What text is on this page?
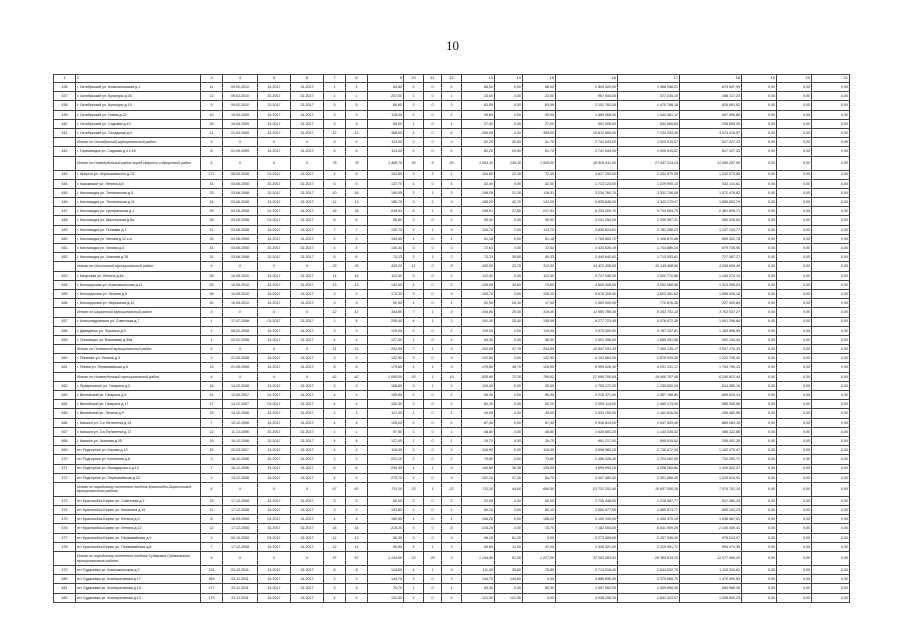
10
1	2	3	4	5	6	7	8	9	10	11	12	13	14	15	16	17	18	19	20	21
436	г. Октябрьский ул. Комсомольская д.1	11	09.02.2010	31.2017	31.2017	1	1	64,80	2	0	2	68,00	0,00	68,00	2 849 422,00	1 558 058,01	673 547,99	0,00	0,00	0,00
437	г. Октябрьский ул. Культуры д.2Б	12	09.02.2010	31.2017	31.2017	1	1	207,00	1	0	1	23,00	0,00	23,00	967 544,00	577 245,10	286 117,23	0,00	0,00	0,00
438	г. Октябрьский ул. Культуры д.19	9	09.02.2010	31.2017	31.2017	5	5	84,60	3	0	3	63,09	0,00	63,09	2 102 762,00	1 475 788,18	626 891,83	0,00	0,00	0,00
439	г. Октябрьский ул. Новая д.22	10	19.04.2009	31.2017	31.2017	3	3	115,00	2	0	2	39,60	0,00	39,00	1 669 068,00	1 042 061,12	547 006,88	0,00	0,00	0,00
440	г. Октябрьский ул. Садовая д.10	25	19.04.2009	31.2017	31.2017	3	3	54,00	1	0	1	27,00	0,00	27,00	991 906,00	632 669,65	298 659,35	0,00	0,00	0,00
441	г. Октябрьский ул. Складская д.4	14	21.04.2009	31.2017	31.2017	12	12	368,00	4	0	6	399,00	0,00	399,00	10 812 560,00	7 234 253,35	3 074 315,97	0,00	0,00	0,00
	Итого по Октябрьский муниципальный район	X	X	X	X	9	6	113,00	2	0	2	82,20	20,50	61,70	2 741 543,00	1 925 515,67	817 027,33	0,00	0,00	0,00
442	г. Горячеводск ул. Садовая д.4 к.16	8	01.09.2009	31.2017	31.2017	6	6	113,00	2	0	2	82,20	20,50	61,70	2 741 543,00	1 925 515,67	817 027,33	0,00	0,00	0,00
	Итого по Нижнеудинский район город Иркутск и Иркутский район	X	X	X	X	78	78	1 458,79	26	6	20	1 654,10	149,30	1 505,00	28 526 611,00	27 047 314,24	11 080 297,60	0,00	0,00	0,00
443	г. Иркутск ул. Чернышевского д.23	171	06.05.2008	01.2017	31.2017	4	6	104,80	3	3	1	104,80	22,40	72,40	3 617 253,00	2 434 975,55	1 042 073,85	0,00	0,00	0,00
444	г. Карымское ул. Ленина д.5	31	03.06.2008	31.2017	31.2017	5	5	137,70	4	0	4	52,00	0,00	52,00	1 713 123,00	1 229 900,13	532 114,61	0,00	0,00	0,00
445	г. Кисловодск ул. Техническая д.5	23	03.06.2008	31.2017	31.2017	10	16	150,05	3	1	3	106,05	21,30	116,51	3 234 760,70	3 332 706,08	1 572 476,82	0,00	0,00	0,00
446	г. Кисловодск ул. Техническая д.11	24	03.06.2008	31.2017	31.2017	12	13	185,70	3	2	3	183,20	42,70	142,00	6 828 846,00	4 340 279,47	1 865 692,79	0,00	0,00	0,00
447	г. Кисловодск ул. Центральная д.1	29	03.05.2008	01.2017	31.2017	16	16	245,51	6	1	5	245,51	27,80	217,51	8 233 400,70	5 734 604,73	2 481 839,71	0,00	0,00	0,00
448	г. Кисловодск ул. Шахтерская д.6а	35	03.05.2008	01.2017	31.2017	6	6	95,60	2	0	2	95,92	0,00	95,92	3 241 254,00	2 290 997,31	950 326,63	0,00	0,00	0,00
449	г. Кисловодск ул. Полевая д.1	21	03.06.2008	31.2017	31.2017	7	7	130,75	4	1	3	115,70	2,00	113,70	3 830 624,61	2 782 288,23	1 147 743,77	0,00	0,00	0,00
450	г. Кисловодск ул. Чехова д.12 к.а	25	03.06.2008	31.2017	31.2017	2	2	154,45	1	0	1	51,18	0,00	51,18	1 708 853,72	1 198 670,66	509 302,76	0,00	0,00	0,00
451	г. Кисловодск ул. Чехова д.4	31	03.06.2008	31.2017	31.2017	4	4	145,34	3	0	3	72,63	0,00	72,63	2 424 626,19	1 744 889,24	679 736,95	0,00	0,00	0,00
452	г. Кисловодск ул. Чкалова д.35	31	03.06.2008	31.2017	31.2017	6	6	73,13	3	1	2	73,13	35,80	49,33	2 440 640,62	1 713 053,61	727 587,27	0,00	0,00	0,00
	Итого по Ольхонский муниципальный район	X	X	X	X	33	30	430,20	11	0	8	432,00	23,70	312,50	14 472 308,00	10 149 498,60	4 296 609,40	0,00	0,00	0,00
453	г. Качугская ул. Ленина д.4а	35	10.05.2010	31.2017	31.2017	14	14	112,00	3	0	2	112,00	0,00	112,00	3 727 048,00	2 622 772,86	1 154 274,14	0,00	0,00	0,00
454	г. Белоцерковь ул. Комсомольская д.11	53	10.05.2010	31.2017	31.2017	13	13	142,00	4	0	2	125,00	34,60	73,60	4 605 308,00	3 292 068,56	1 313 299,04	0,00	0,00	0,00
455	г. Белоцерковь ул. Ленина д.6	58	10.05.2010	31.2017	31.2017	3	3	170,30	3	0	3	153,70	0,00	126,20	5 676 205,00	3 623 481,82	1 565 026,18	0,00	0,00	0,00
456	г. Белоцерковь ул. Мирошная д.12	32	10.05.2010	31.2017	31.2017	3	3	52,90	1	0	1	52,90	26,10	17,00	1 000 000,00	770 676,36	227 329,64	0,00	0,00	0,00
	Итого по Ширинский муниципальный район	X	X	X	X	12	12	344,80	7	1	4	344,80	25,40	319,40	11 990 788,40	8 353 751,13	3 762 037,27	0,00	0,00	0,00
457	г. Александровское ул. Советская д.7	1	17.07.2008	01.2017	31.2017	2	4	205,40	4	1	2	191,30	25,40	155,99	6 277 723,49	4 476 472,36	1 901 298,84	0,00	0,00	0,00
458	г. Давиденко ул. Пушкина д.5	1	08.02.2008	31.2017	31.2017	3	3	129,00	2	0	2	119,00	0,00	119,00	3 975 300,00	2 787 247,81	1 183 558,99	0,00	0,00	0,00
459	г. Оппозицио ул. Вишневая д.30а	1	02.02.2008	31.2017	31.2017	4	4	127,60	1	0	4	64,30	0,00	46,30	1 501 396,00	1 089 251,56	492 144,44	0,00	0,00	0,00
	Итого по Пинежский муниципальный район	X	X	X	X	11	11	202,55	7	1	5	202,55	47,70	254,85	10 947 291,30	7 300 135,17	3 007 176,33	0,00	0,00	0,00
460	г. Пинежье ул. Ленина д.3	2	21.05.2008	31.2017	31.2017	3	3	122,90	3	0	3	122,90	0,00	122,90	4 102 664,00	2 879 925,00	1 222 739,00	0,00	0,00	0,00
461	г. Пинеж ул. Первомайская д.5	13	21.05.2008	31.2017	31.2017	5	5	179,65	4	1	3	179,65	45,70	125,95	5 995 026,30	4 291 231,17	1 704 795,13	0,00	0,00	0,00
	Итого по Нижнеудинский муниципальный район	X	X	X	X	42	42	1 065,00	20	1	19	828,90	72,30	756,62	27 669 700,84	19 406 707,56	8 240 923,44	0,00	0,00	0,00
462	г. Предпочинье ул. Гагарина д.3	18	14.12.2008	31.2017	31.2017	3	3	106,80	3	1	2	115,40	0,00	35,60	1 753 172,00	1 230 000,00	514 389,16	0,00	0,00	0,00
463	г. Вилюйский ул. Гагарина д.9	21	12.09.2007	01.2017	31.2017	4	4	109,80	2	0	2	96,30	0,00	96,30	2 215 371,00	1 357 766,80	665 624,14	0,00	0,00	0,00
464	г. Вилюйский ул. Гагарина д.17	17	14.12.2007	01.2017	31.2017	4	4	100,30	2	0	2	60,20	0,00	60,20	2 009 114,00	1 469 173,00	585 945,96	0,00	0,00	0,00
465	г. Вилюйский ул. Ленина д.9	19	14.12.2006	31.2017	31.2017	1	1	117,00	1	0	1	49,00	0,00	49,00	1 033 700,00	1 161 816,54	495 482,96	0,00	0,00	0,00
466	г. Капшон ул. 2-я Пятилетка д.13	7	10.12.2006	31.2017	31.2017	4	4	125,00	2	0	2	87,40	0,00	87,40	2 916 813,00	2 047 529,40	869 083,16	0,00	0,00	0,00
467	г. Капшон ул. 3-я Пятилетка д.17	12	11.12.2006	31.2017	31.2017	1	1	97,50	1	0	1	48,80	0,00	48,80	1 628 651,20	1 143 328,32	485 322,88	0,00	0,00	0,00
468	г. Капшон ул. Чкалова д.35	19	16.12.2006	31.2017	31.2017	4	4	127,00	1	0	1	29,70	0,00	29,70	991 217,00	695 515,52	295 402,28	0,00	0,00	0,00
469	пгт Подгорное ул. Кирова д.10	15	20.03.2007	31.2017	31.2017	4	4	116,90	2	0	2	116,90	0,00	116,90	3 896 983,20	2 736 672,33	1 162 070,47	0,00	0,00	0,00
470	пгт Подгорное ул. Калинина д.8	3	16.12.2006	31.2017	31.2017	2	2	221,10	2	0	2	70,60	0,00	73,60	2 456 326,40	1 724 062,49	732 263,71	0,00	0,00	0,00
471	пгт Подгорное ул. Володарского д.12	7	16.12.2006	31.2017	31.2017	6	6	294,30	4	1	3	140,80	35,30	105,50	4 699 993,20	3 298 260,80	1 400 822,37	0,00	0,00	0,00
472	пгт Подгорное ул. Первомайская д.22	2	14.12.2006	31.2017	31.2017	4	4	273,70	4	0	3	102,10	37,40	64,70	3 407 483,40	2 391 868,49	1 015 614,91	0,00	0,00	0,00
	Итого по городскому поселению посёлок Краснообск-Бирюсинский муниципального района	X	X	X	X	67	62	711,10	23	1	22	711,10	44,60	666,50	23 732 251,40	16 657 550,26	7 074 701,14	0,00	0,00	0,00
473	пгт Краснообск-Бирюс ул. Советская д.7	19	17.12.2008	31.2017	31.2017	5	5	52,00	2	0	2	52,00	0,00	52,00	1 735 448,00	1 218 087,77	517 360,23	0,00	0,00	0,00
474	пгт Краснообск-Бирюс ул. Калинина д.15	11	17.12.2008	31.2017	31.2017	3	3	103,80	1	0	1	80,10	0,00	80,10	2 660 977,00	1 855 873,77	805 103,23	0,00	0,00	0,00
475	пгт Краснообск-Бирюс ул. Ленина д.9	8	16.09.2008	01.2017	31.2017	4	4	150,55	1	0	1	106,20	0,00	106,20	3 100 190,00	2 430 370,19	1 036 587,01	0,00	0,00	0,00
476	пгт Краснообск-Бирюс ул. Ленина д.12	12	17.12.2008	31.2017	31.2017	18	18	215,20	9	0	8	215,20	0,00	15,70	7 182 004,00	5 041 909,29	2 140 039,41	0,00	0,00	0,00
477	пгт Краснообск-Бирюс ул. Первомайская д.9	2	09.10.2009	01.2017	31.2017	12	12	98,30	3	0	3	98,10	61,20	0,00	3 273 089,00	2 297 595,49	976 013,07	0,00	0,00	0,00
478	пгт Краснообск-Бирюс ул. Первомайская д.8	7	17.12.2008	31.2017	31.2017	12	11	99,80	4	1	3	99,80	11,00	47,00	3 349 321,00	2 319 951,72	994 474,35	0,00	0,00	0,00
	Итого по городскому поселению посёлок Судаковка Судаковского муниципального района	X	X	X	X	57	57	1 144,60	22	29	3	1 144,60	51,00	1 227,60	37 163 283,91	26 385 819,33	11 077 469,20	0,00	0,00	0,00
479	пгт Судаковка ул. Комсомольская д.3	131	03.10.2011	31.2017	31.2017	8	8	124,60	4	1	3	111,40	35,80	75,80	3 714 318,40	2 644 002,75	1 110 324,61	0,00	0,00	0,00
480	пгт Судаковка ул. Кооперативная д.17	169	02.11.2011	31.2017	31.2017	2	2	144,70	3	0	3	144,70	144,60	0,00	4 885 896,00	3 375 866,70	1 470 492,83	0,00	0,00	0,00
481	пгт Судаковка ул. Кооперативная д.15	177	22.11.2011	31.2017	31.2017	3	3	73,70	1	0	1	59,30	0,00	59,30	1 997 562,00	1 409 898,40	594 966,26	0,00	0,00	0,00
482	пгт Судаковка ул. Кооперативная д.13	179	22.11.2011	31.2017	31.2017	4	4	121,30	4	0	4	121,30	121,30	0,00	4 048 206,20	2 841 423,97	1 206 842,23	0,00	0,00	0,00
